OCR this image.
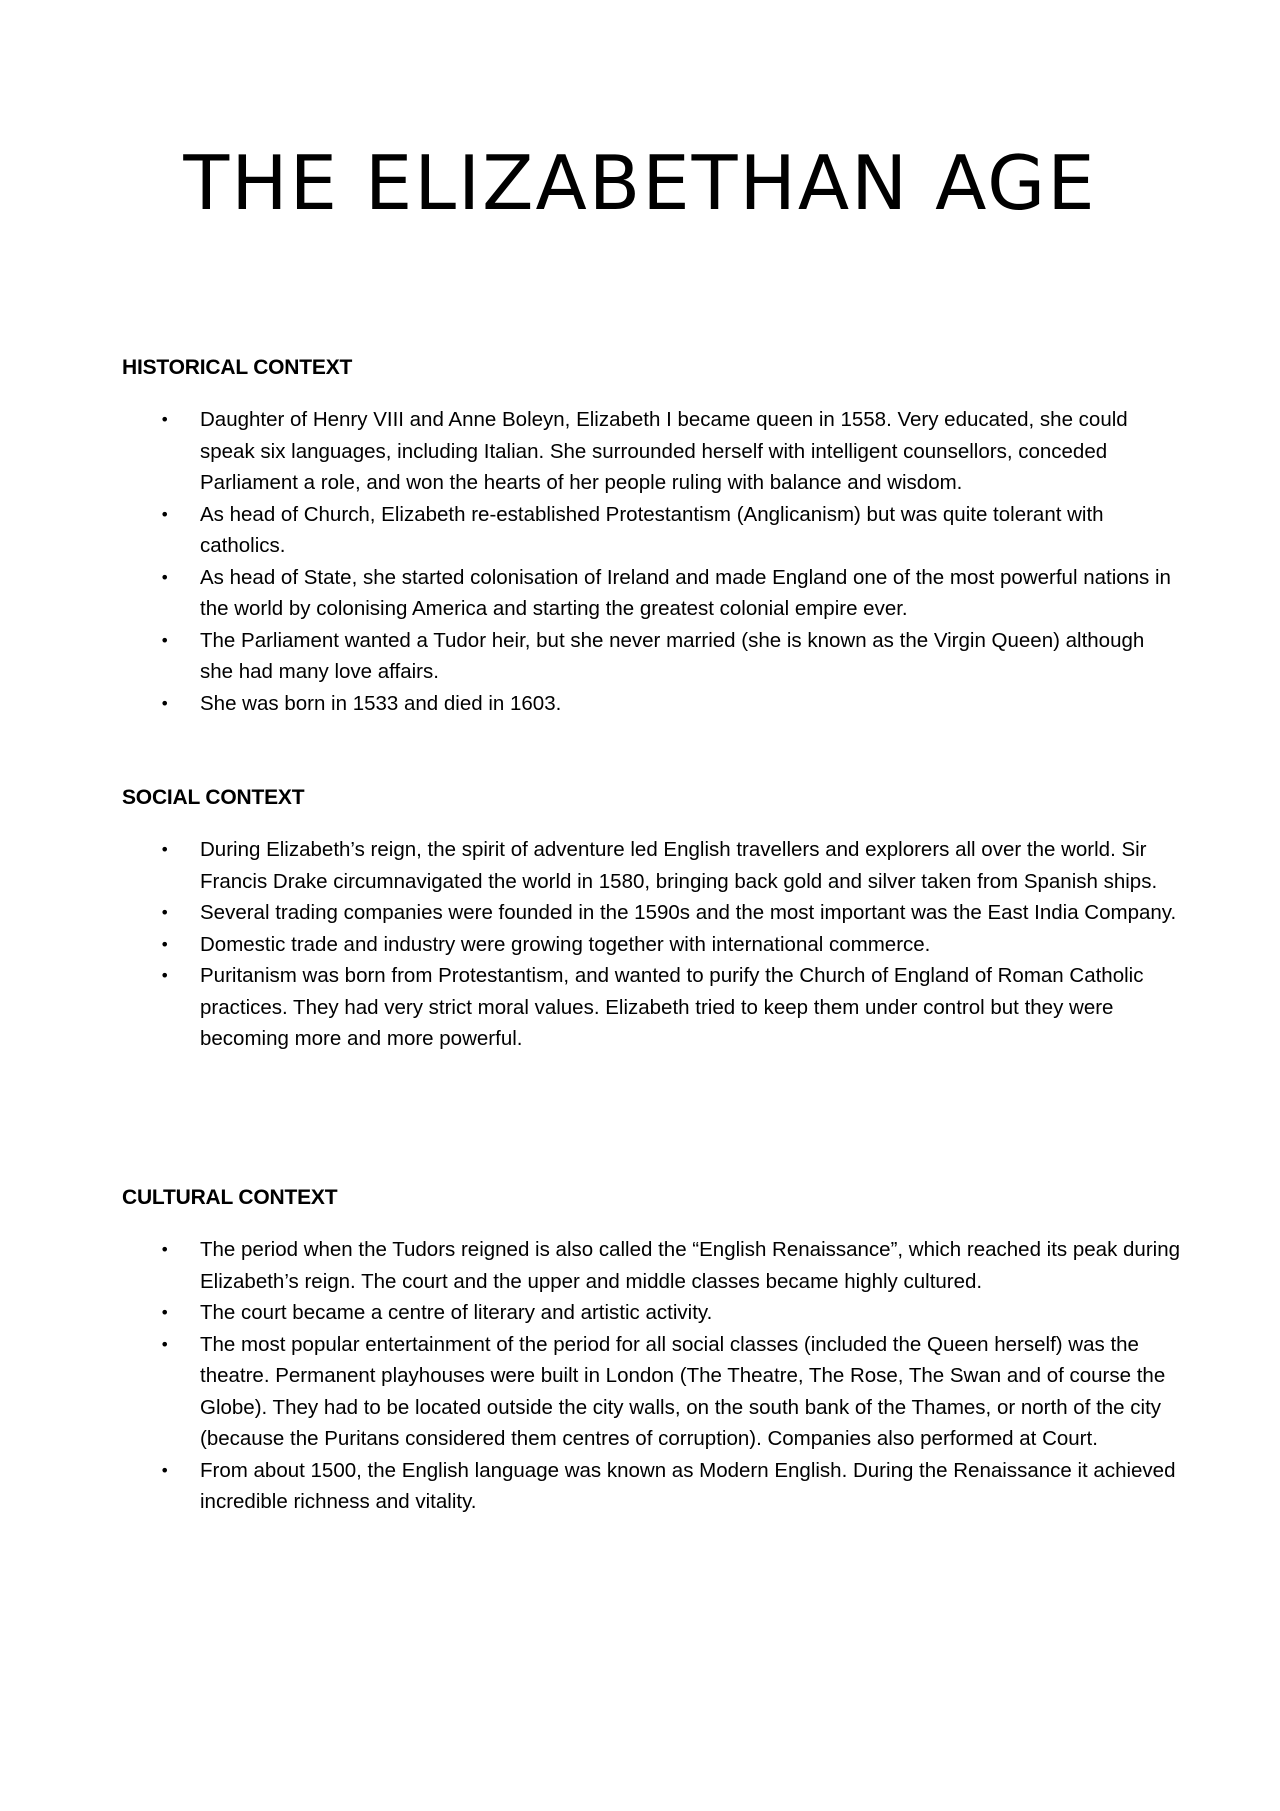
THE ELIZABETHAN AGE
HISTORICAL CONTEXT
• Daughter of Henry VIII and Anne Boleyn, Elizabeth I became queen in 1558. Very educated, she could speak six languages, including Italian. She surrounded herself with intelligent counsellors, conceded Parliament a role, and won the hearts of her people ruling with balance and wisdom.
• As head of Church, Elizabeth re-established Protestantism (Anglicanism) but was quite tolerant with catholics.
• As head of State, she started colonisation of Ireland and made England one of the most powerful nations in the world by colonising America and starting the greatest colonial empire ever.
• The Parliament wanted a Tudor heir, but she never married (she is known as the Virgin Queen) although she had many love affairs.
• She was born in 1533 and died in 1603.
SOCIAL CONTEXT
• During Elizabeth’s reign, the spirit of adventure led English travellers and explorers all over the world. Sir Francis Drake circumnavigated the world in 1580, bringing back gold and silver taken from Spanish ships.
• Several trading companies were founded in the 1590s and the most important was the East India Company.
• Domestic trade and industry were growing together with international commerce.
• Puritanism was born from Protestantism, and wanted to purify the Church of England of Roman Catholic practices. They had very strict moral values. Elizabeth tried to keep them under control but they were becoming more and more powerful.
CULTURAL CONTEXT
• The period when the Tudors reigned is also called the “English Renaissance”, which reached its peak during Elizabeth’s reign. The court and the upper and middle classes became highly cultured.
• The court became a centre of literary and artistic activity.
• The most popular entertainment of the period for all social classes (included the Queen herself) was the theatre. Permanent playhouses were built in London (The Theatre, The Rose, The Swan and of course the Globe). They had to be located outside the city walls, on the south bank of the Thames, or north of the city (because the Puritans considered them centres of corruption). Companies also performed at Court.
• From about 1500, the English language was known as Modern English. During the Renaissance it achieved incredible richness and vitality.
